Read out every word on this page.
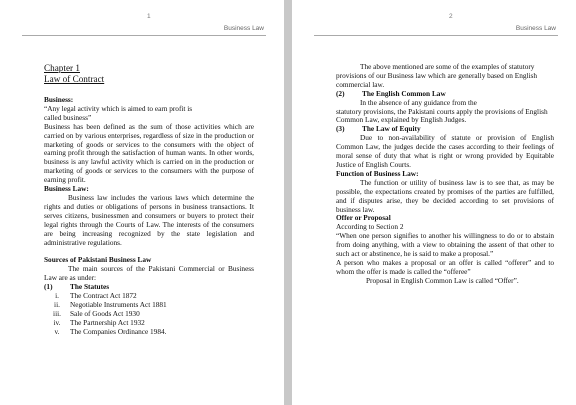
1
Business Law

Chapter 1

Law of Contract

Business:

“Any legal activity which is aimed to earn profit is

called business”

Business has been defined as the sum of those activities which are carried on by various enterprises, regardless of size in the production or marketing of goods or services to the consumers with the object of earning profit through the satisfaction of human wants. In other words, business is any lawful activity which is carried on in the production or marketing of goods or services to the consumers with the purpose of earning profit.

Business Law:

Business law includes the various laws which determine the rights and duties or obligations of persons in business transactions. It serves citizens, businessmen and consumers or buyers to protect their legal rights through the Courts of Law. The interests of the consumers are being increasing recognized by the state legislation and administrative regulations.

Sources of Pakistani Business Law

The main sources of the Pakistani Commercial or Business Law are as under:

(1)	The Statutes
i.	The Contract Act 1872
ii.	Negotiable Instruments Act 1881
iii.	Sale of Goods Act 1930
iv.	The Partnership Act 1932
v.	The Companies Ordinance 1984.
2
Business Law

The above mentioned are some of the examples of statutory provisions of our Business law which are generally based on English commercial law.

(2)	The English Common Law

In the absence of any guidance from the

statutory provisions, the Pakistani courts apply the provisions of English Common Law, explained by English Judges.

(3)	The Law of Equity

Due to non-availability of statute or provision of English Common Law, the judges decide the cases according to their feelings of moral sense of duty that what is right or wrong provided by Equitable Justice of English Courts.

Function of Business Law:

The function or utility of business law is to see that, as may be possible, the expectations created by promises of the parties are fulfilled, and if disputes arise, they be decided according to set provisions of business law.

Offer or Proposal

According to Section 2

“When one person signifies to another his willingness to do or to abstain from doing anything, with a view to obtaining the assent of that other to such act or abstinence, he is said to make a proposal.”

A person who makes a proposal or an offer is called “offerer” and to whom the offer is made is called the “offeree”

Proposal in English Common Law is called “Offer”.
